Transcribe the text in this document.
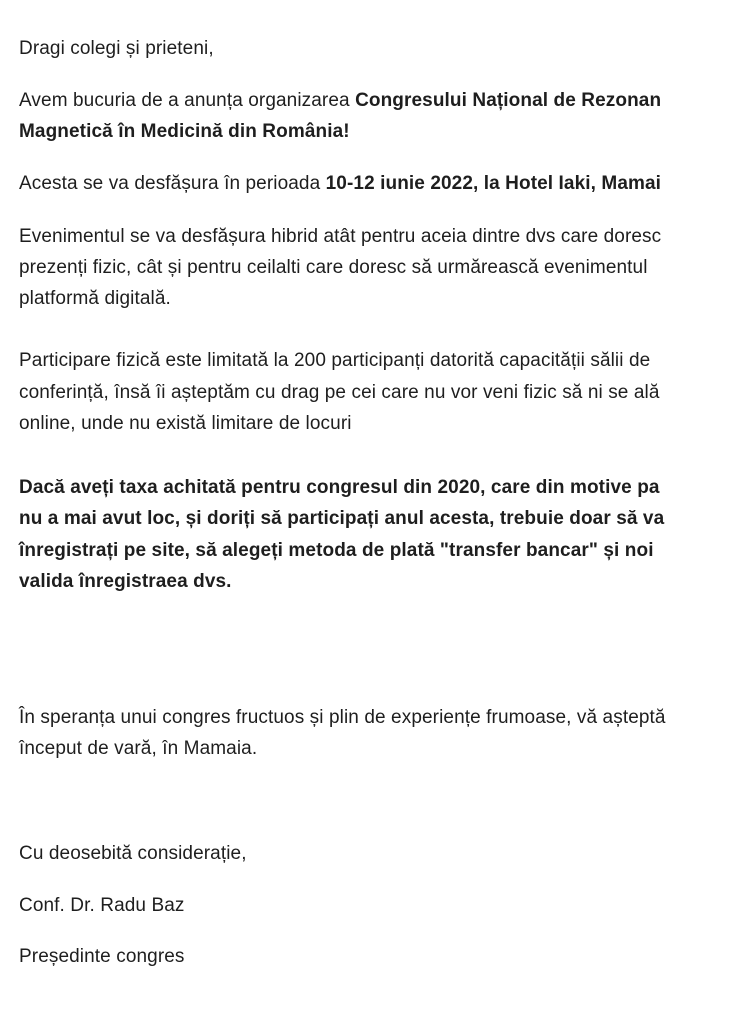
Dragi colegi și prieteni,
Avem bucuria de a anunța organizarea Congresului Național de Rezonan
Magnetică în Medicină din România!
Acesta se va desfășura în perioada 10-12 iunie 2022, la Hotel Iaki, Mamai
Evenimentul se va desfășura hibrid atât pentru aceia dintre dvs care doresc
prezenți fizic, cât și pentru ceilalti care doresc să urmărească evenimentul
platformă digitală.
Participare fizică este limitată la 200 participanți datorită capacității sălii de
conferință, însă îi așteptăm cu drag pe cei care nu vor veni fizic să ni se ală
online, unde nu există limitare de locuri
Dacă aveți taxa achitată pentru congresul din 2020, care din motive pa
nu a mai avut loc, și doriți să participați anul acesta, trebuie doar să va
înregistrați pe site, să alegeți metoda de plată "transfer bancar" și noi
valida înregistraea dvs.
În speranța unui congres fructuos și plin de experiențe frumoase, vă așteptă
început de vară, în Mamaia.
Cu deosebită considerație,
Conf. Dr. Radu Baz
Președinte congres
